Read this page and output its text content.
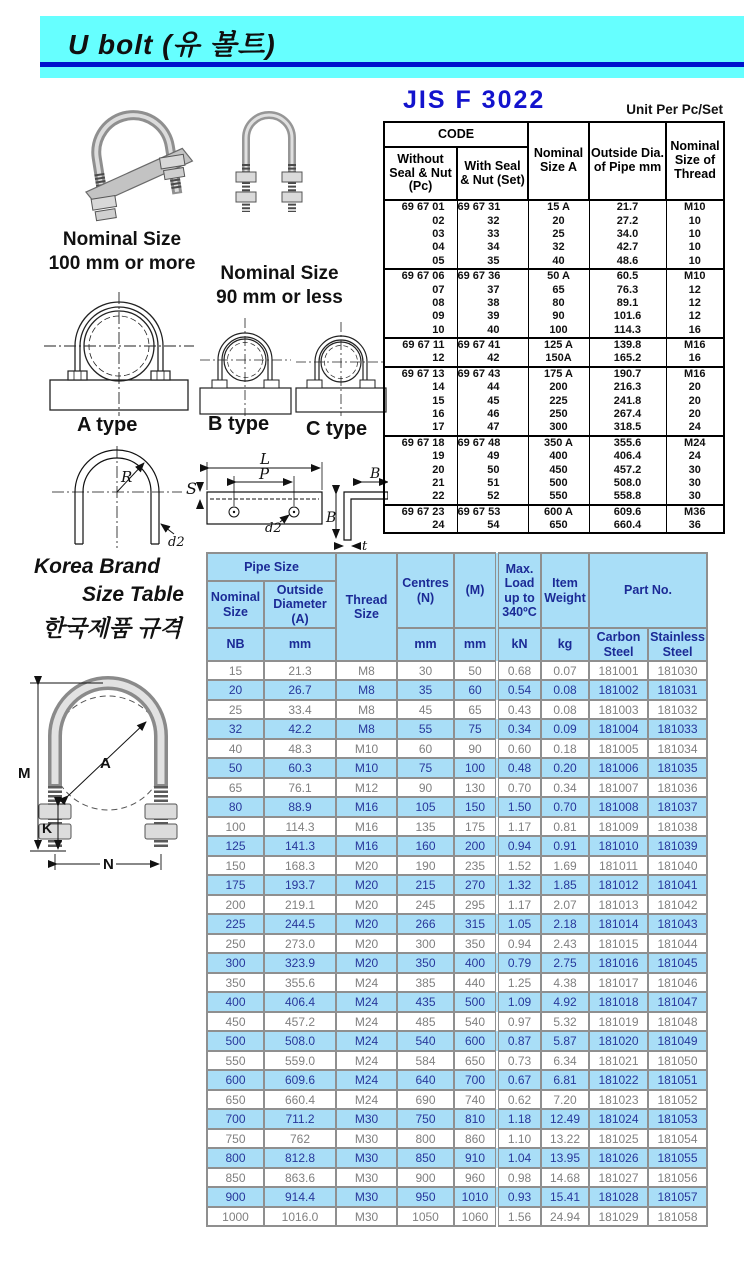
U bolt (유 볼트)
Nominal Size
100 mm or more	Nominal Size
90 mm or less
A type	B type C type
R
d2
L
P
S
d2
B
B
t
JIS F 3022	Unit Per Pc/Set
CODE		Nominal Size A	Outside Dia. of Pipe mm	Nominal Size of Thread
Without Seal & Nut (Pc)	With Seal & Nut (Set)			
69 67 01	69 67 31	15 A	21.7	M10
02	32	20	27.2	10
03	33	25	34.0	10
04	34	32	42.7	10
05	35	40	48.6	10
69 67 06	69 67 36	50 A	60.5	M10
07	37	65	76.3	12
08	38	80	89.1	12
09	39	90	101.6	12
10	40	100	114.3	16
69 67 11	69 67 41	125 A	139.8	M16
12	42	150A	165.2	16
69 67 13	69 67 43	175 A	190.7	M16
14	44	200	216.3	20
15	45	225	241.8	20
16	46	250	267.4	20
17	47	300	318.5	24
69 67 18	69 67 48	350 A	355.6	M24
19	49	400	406.4	24
20	50	450	457.2	30
21	51	500	508.0	30
22	52	550	558.8	30
69 67 23	69 67 53	600 A	609.6	M36
24	54	650	660.4	36
Korea Brand
Size Table
한국제품 규격
A
M
K
N
Pipe Size		Thread Size	Centres (N)	(M)	Max. Load up to 340ºC	Item Weight	Part No.	
Nominal Size	Outside Diameter (A)							
NB	mm		mm	mm	kN	kg	Carbon Steel	Stainless Steel
15	21.3	M8	30	50	0.68	0.07	181001	181030
20	26.7	M8	35	60	0.54	0.08	181002	181031
25	33.4	M8	45	65	0.43	0.08	181003	181032
32	42.2	M8	55	75	0.34	0.09	181004	181033
40	48.3	M10	60	90	0.60	0.18	181005	181034
50	60.3	M10	75	100	0.48	0.20	181006	181035
65	76.1	M12	90	130	0.70	0.34	181007	181036
80	88.9	M16	105	150	1.50	0.70	181008	181037
100	114.3	M16	135	175	1.17	0.81	181009	181038
125	141.3	M16	160	200	0.94	0.91	181010	181039
150	168.3	M20	190	235	1.52	1.69	181011	181040
175	193.7	M20	215	270	1.32	1.85	181012	181041
200	219.1	M20	245	295	1.17	2.07	181013	181042
225	244.5	M20	266	315	1.05	2.18	181014	181043
250	273.0	M20	300	350	0.94	2.43	181015	181044
300	323.9	M20	350	400	0.79	2.75	181016	181045
350	355.6	M24	385	440	1.25	4.38	181017	181046
400	406.4	M24	435	500	1.09	4.92	181018	181047
450	457.2	M24	485	540	0.97	5.32	181019	181048
500	508.0	M24	540	600	0.87	5.87	181020	181049
550	559.0	M24	584	650	0.73	6.34	181021	181050
600	609.6	M24	640	700	0.67	6.81	181022	181051
650	660.4	M24	690	740	0.62	7.20	181023	181052
700	711.2	M30	750	810	1.18	12.49	181024	181053
750	762	M30	800	860	1.10	13.22	181025	181054
800	812.8	M30	850	910	1.04	13.95	181026	181055
850	863.6	M30	900	960	0.98	14.68	181027	181056
900	914.4	M30	950	1010	0.93	15.41	181028	181057
1000	1016.0	M30	1050	1060	1.56	24.94	181029	181058
